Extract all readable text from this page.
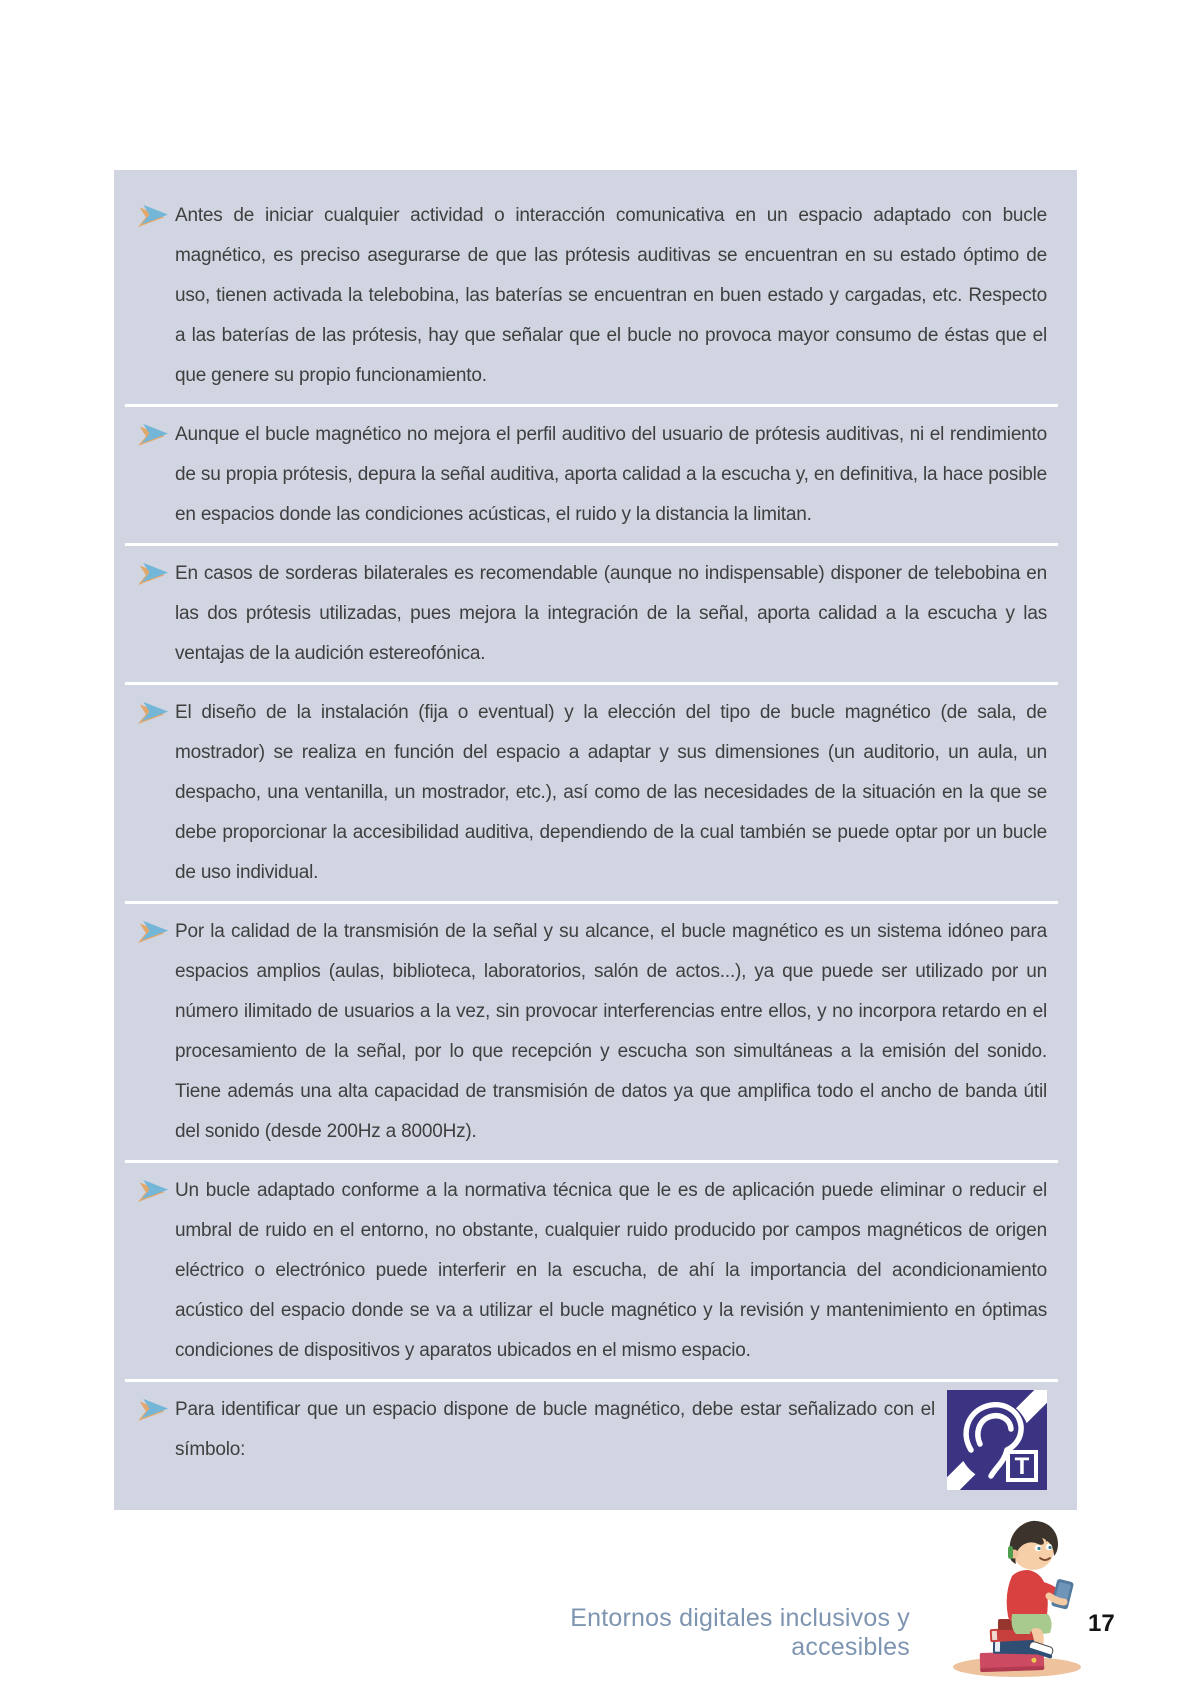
Antes de iniciar cualquier actividad o interacción comunicativa en un espacio adaptado con bucle magnético, es preciso asegurarse de que las prótesis auditivas se encuentran en su estado óptimo de uso, tienen activada la telebobina, las baterías se encuentran en buen estado y cargadas, etc. Respecto a las baterías de las prótesis, hay que señalar que el bucle no provoca mayor consumo de éstas que el que genere su propio funcionamiento.

Aunque el bucle magnético no mejora el perfil auditivo del usuario de prótesis auditivas, ni el rendimiento de su propia prótesis, depura la señal auditiva, aporta calidad a la escucha y, en definitiva, la hace posible en espacios donde las condiciones acústicas, el ruido y la distancia la limitan.

En casos de sorderas bilaterales es recomendable (aunque no indispensable) disponer de telebobina en las dos prótesis utilizadas, pues mejora la integración de la señal, aporta calidad a la escucha y las ventajas de la audición estereofónica.

El diseño de la instalación (fija o eventual) y la elección del tipo de bucle magnético (de sala, de mostrador) se realiza en función del espacio a adaptar y sus dimensiones (un auditorio, un aula, un despacho, una ventanilla, un mostrador, etc.), así como de las necesidades de la situación en la que se debe proporcionar la accesibilidad auditiva, dependiendo de la cual también se puede optar por un bucle de uso individual.

Por la calidad de la transmisión de la señal y su alcance, el bucle magnético es un sistema idóneo para espacios amplios (aulas, biblioteca, laboratorios, salón de actos...), ya que puede ser utilizado por un número ilimitado de usuarios a la vez, sin provocar interferencias entre ellos, y no incorpora retardo en el procesamiento de la señal, por lo que recepción y escucha son simultáneas a la emisión del sonido. Tiene además una alta capacidad de transmisión de datos ya que amplifica todo el ancho de banda útil del sonido (desde 200Hz a 8000Hz).

Un bucle adaptado conforme a la normativa técnica que le es de aplicación puede eliminar o reducir el umbral de ruido en el entorno, no obstante, cualquier ruido producido por campos magnéticos de origen eléctrico o electrónico puede interferir en la escucha, de ahí la importancia del acondicionamiento acústico del espacio donde se va a utilizar el bucle magnético y la revisión y mantenimiento en óptimas condiciones de dispositivos y aparatos ubicados en el mismo espacio.

Para identificar que un espacio dispone de bucle magnético, debe estar señalizado con el símbolo:

T
Entornos digitales inclusivos y accesibles
17
